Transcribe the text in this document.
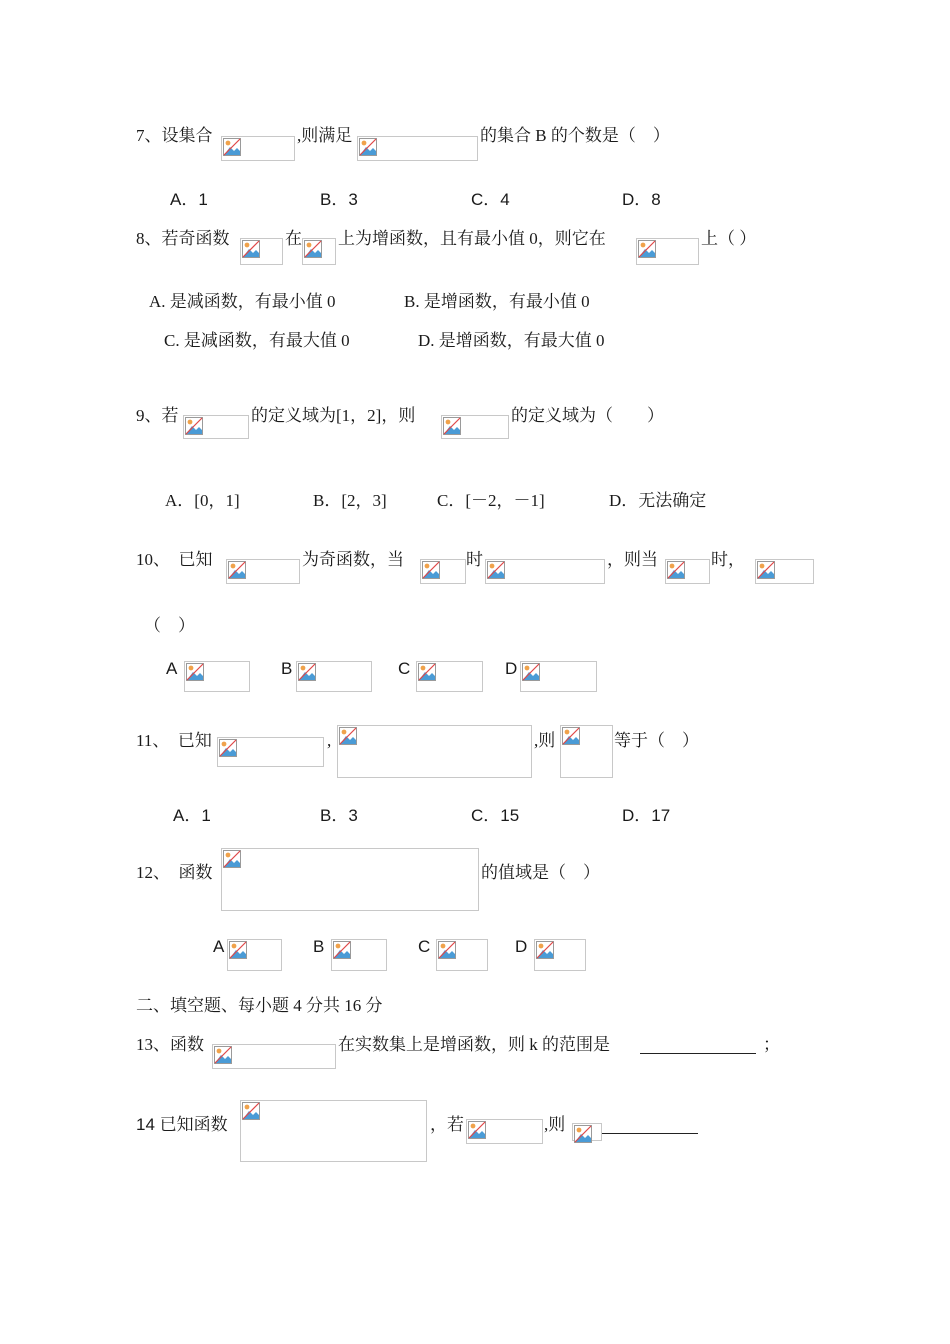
7、设集合	,则满足	的集合 B 的个数是（　）
A．1	B．3	C．4	D．8
8、若奇函数	在 上为增函数，且有最小值 0，则它在	上（ ）
A. 是减函数，有最小值 0	B. 是增函数，有最小值 0
C. 是减函数，有最大值 0	D. 是增函数，有最大值 0
9、若	的定义域为[1，2]，则	的定义域为（　　）
A．[0，1]	B．[2，3]	C．[－2，－1]	D．无法确定
10、　已知	为奇函数，当	时	，则当	时，
（　）
A	B	C	D
11、　已知	,	,则	等于（　）
A．1	B．3	C．15	D．17
12、　函数	的值域是（　）
A	B	C	D
二、填空题、每小题 4 分共 16 分
13、函数	在实数集上是增函数，则 k 的范围是	；
14 已知函数	，若	,则
